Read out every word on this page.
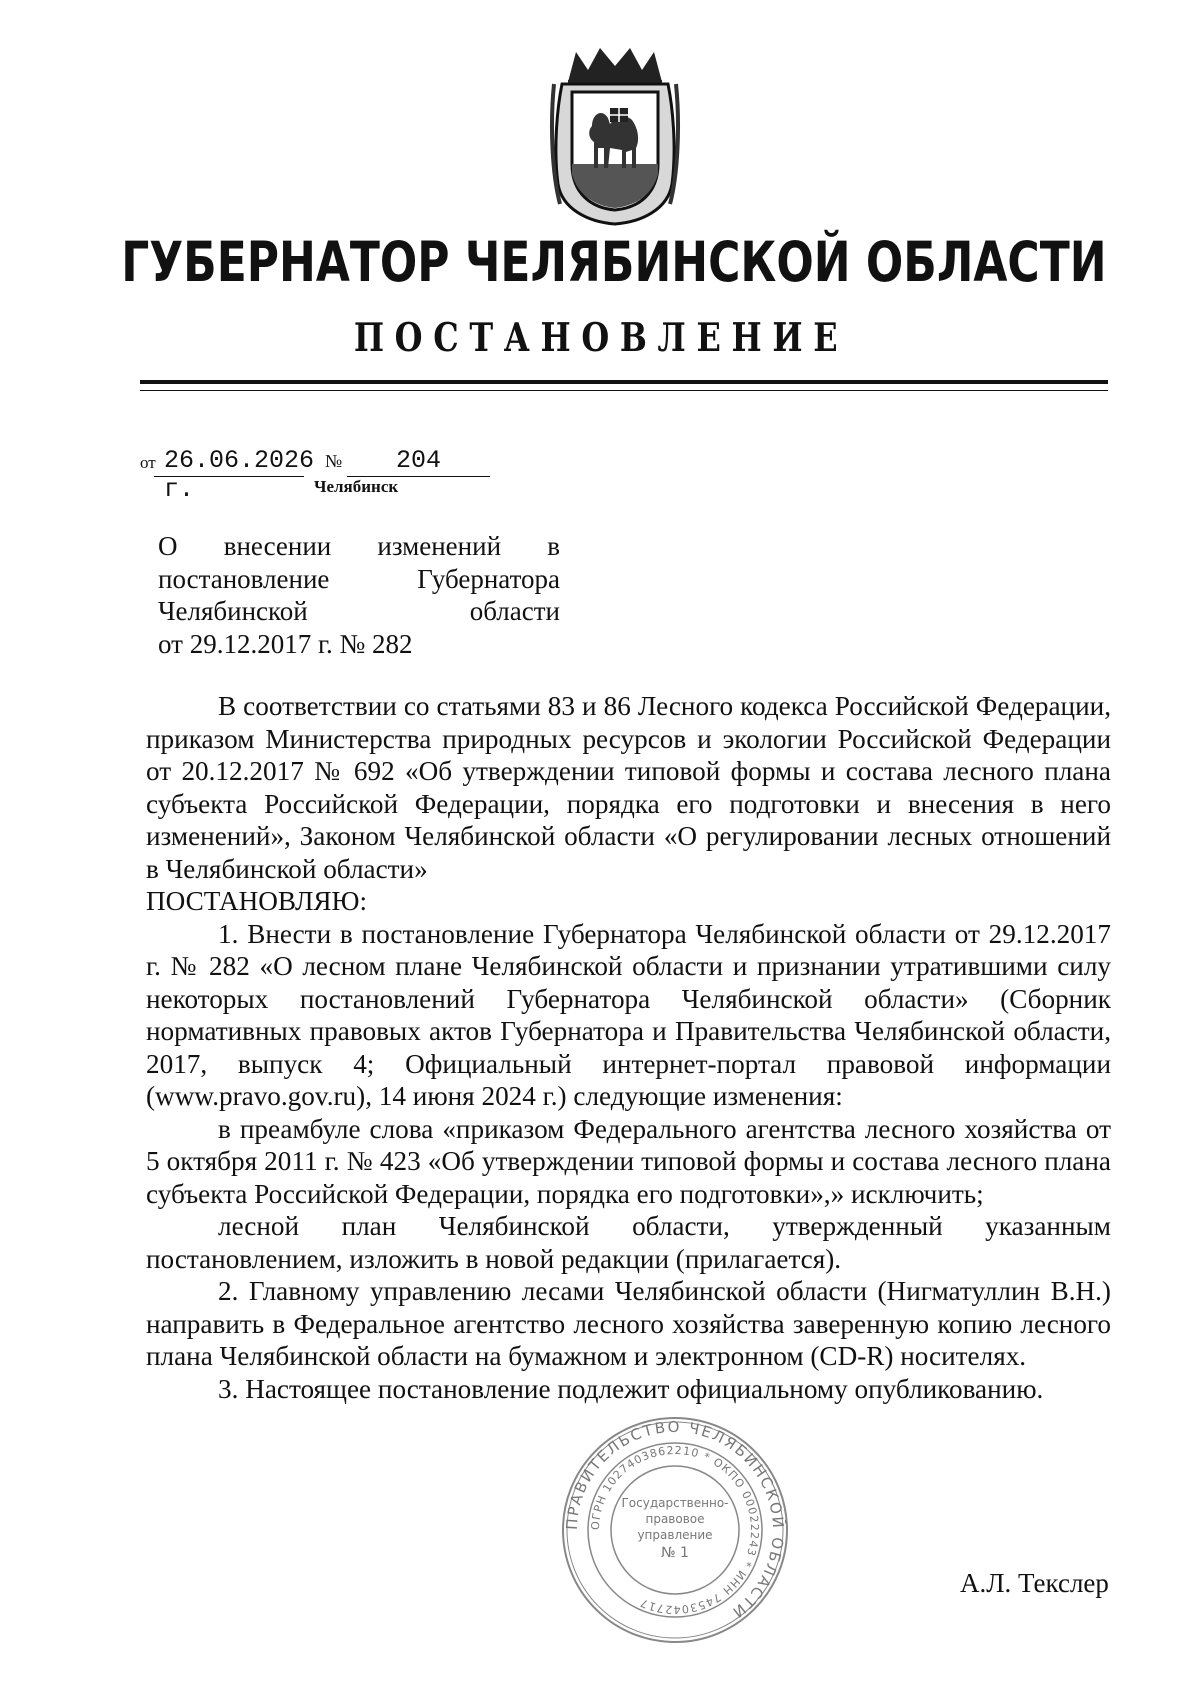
ГУБЕРНАТОР ЧЕЛЯБИНСКОЙ ОБЛАСТИ
ПОСТАНОВЛЕНИЕ
от 26.06.2026 г.
№	204
Челябинск
О внесении изменений в
постановление Губернатора
Челябинской области
от 29.12.2017 г. № 282

В соответствии со статьями 83 и 86 Лесного кодекса Российской Федерации, приказом Министерства природных ресурсов и экологии Российской Федерации от 20.12.2017 № 692 «Об утверждении типовой формы и состава лесного плана субъекта Российской Федерации, порядка его подготовки и внесения в него изменений», Законом Челябинской области «О регулировании лесных отношений в Челябинской области»

ПОСТАНОВЛЯЮ:

1. Внести в постановление Губернатора Челябинской области от 29.12.2017 г. № 282 «О лесном плане Челябинской области и признании утратившими силу некоторых постановлений Губернатора Челябинской области» (Сборник нормативных правовых актов Губернатора и Правительства Челябинской области, 2017, выпуск 4; Официальный интернет-портал правовой информации (www.pravo.gov.ru), 14 июня 2024 г.) следующие изменения:

в преамбуле слова «приказом Федерального агентства лесного хозяйства от 5 октября 2011 г. № 423 «Об утверждении типовой формы и состава лесного плана субъекта Российской Федерации, порядка его подготовки»,» исключить;

лесной план Челябинской области, утвержденный указанным постановлением, изложить в новой редакции (прилагается).

2. Главному управлению лесами Челябинской области (Нигматуллин В.Н.) направить в Федеральное агентство лесного хозяйства заверенную копию лесного плана Челябинской области на бумажном и электронном (CD-R) носителях.

3. Настоящее постановление подлежит официальному опубликованию.

ПРАВИТЕЛЬСТВО ЧЕЛЯБИНСКОЙ ОБЛАСТИ
ОГРН 1027403862210 * ОКПО 00022243 * ИНН 7453042717
Государственно-
правовое
управление
№ 1
А.Л. Текслер
